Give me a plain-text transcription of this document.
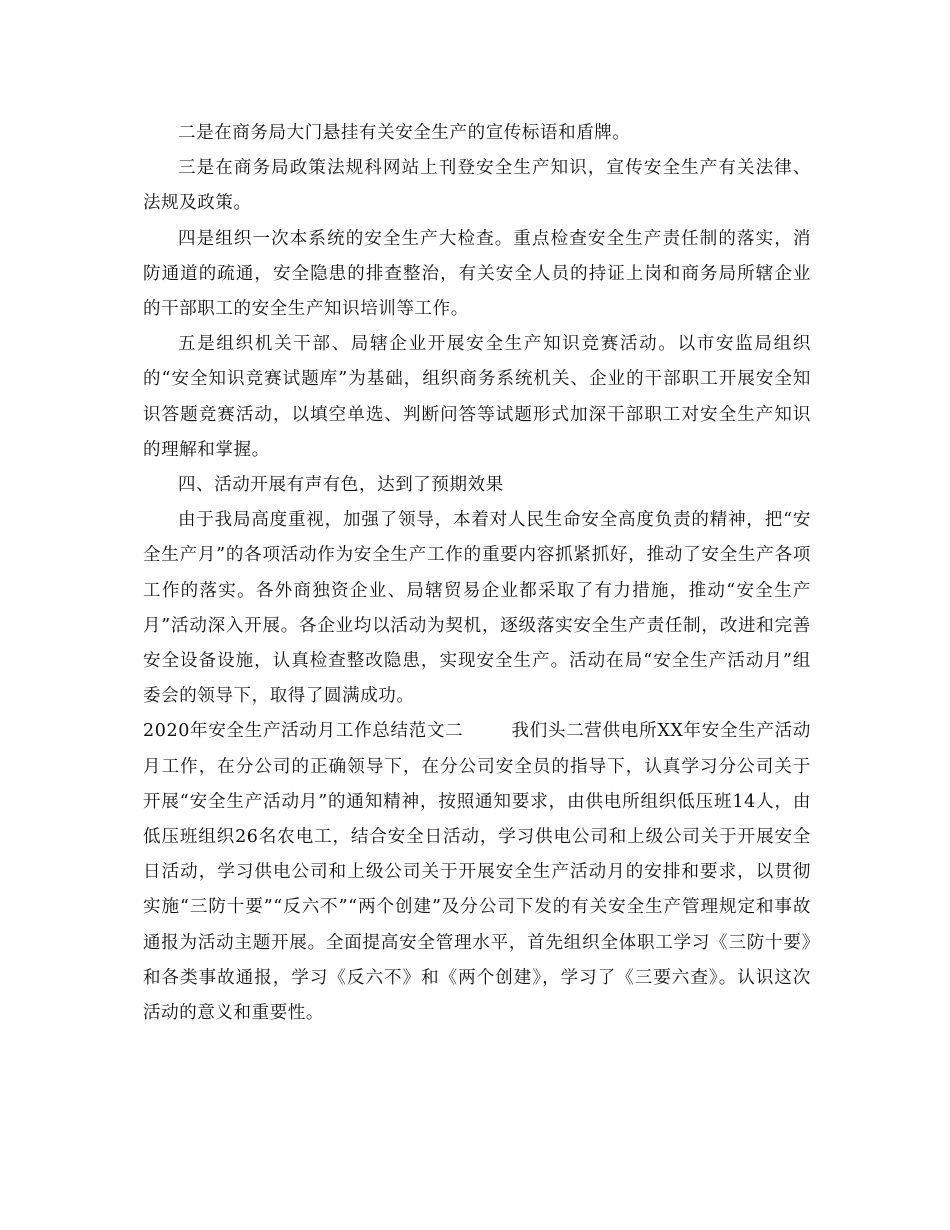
二是在商务局大门悬挂有关安全生产的宣传标语和盾牌。

三是在商务局政策法规科网站上刊登安全生产知识，宣传安全生产有关法律、法规及政策。

四是组织一次本系统的安全生产大检查。重点检查安全生产责任制的落实，消防通道的疏通，安全隐患的排查整治，有关安全人员的持证上岗和商务局所辖企业的干部职工的安全生产知识培训等工作。

五是组织机关干部、局辖企业开展安全生产知识竞赛活动。以市安监局组织的“安全知识竞赛试题库”为基础，组织商务系统机关、企业的干部职工开展安全知识答题竞赛活动，以填空单选、判断问答等试题形式加深干部职工对安全生产知识的理解和掌握。

四、活动开展有声有色，达到了预期效果

由于我局高度重视，加强了领导，本着对人民生命安全高度负责的精神，把“安全生产月”的各项活动作为安全生产工作的重要内容抓紧抓好，推动了安全生产各项工作的落实。各外商独资企业、局辖贸易企业都采取了有力措施，推动“安全生产月”活动深入开展。各企业均以活动为契机，逐级落实安全生产责任制，改进和完善安全设备设施，认真检查整改隐患，实现安全生产。活动在局“安全生产活动月”组委会的领导下，取得了圆满成功。

2020年安全生产活动月工作总结范文二	我们头二营供电所XX年安全生产活动月工作，在分公司的正确领导下，在分公司安全员的指导下，认真学习分公司关于开展“安全生产活动月”的通知精神，按照通知要求，由供电所组织低压班14人，由低压班组织26名农电工，结合安全日活动，学习供电公司和上级公司关于开展安全日活动，学习供电公司和上级公司关于开展安全生产活动月的安排和要求，以贯彻实施“三防十要”“反六不”“两个创建”及分公司下发的有关安全生产管理规定和事故通报为活动主题开展。全面提高安全管理水平，首先组织全体职工学习《三防十要》和各类事故通报，学习《反六不》和《两个创建》，学习了《三要六查》。认识这次活动的意义和重要性。
